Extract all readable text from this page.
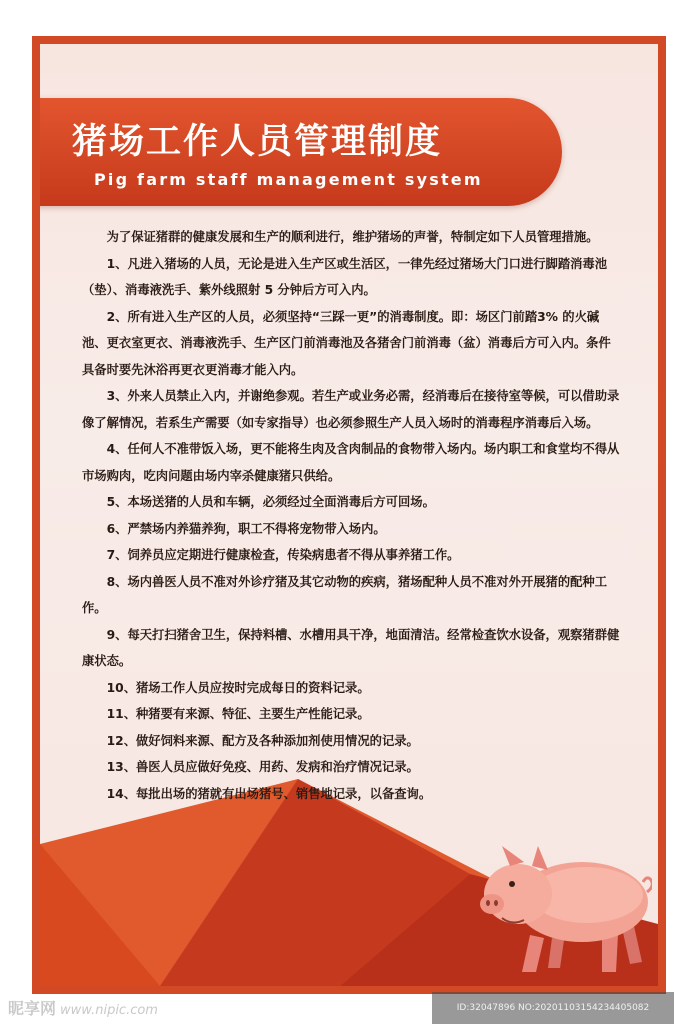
猪场工作人员管理制度
Pig farm staff management system

为了保证猪群的健康发展和生产的顺利进行，维护猪场的声誉，特制定如下人员管理措施。

1、凡进入猪场的人员，无论是进入生产区或生活区，一律先经过猪场大门口进行脚踏消毒池（垫）、消毒液洗手、紫外线照射 5 分钟后方可入内。

2、所有进入生产区的人员，必须坚持“三踩一更”的消毒制度。即：场区门前踏3% 的火碱池、更衣室更衣、消毒液洗手、生产区门前消毒池及各猪舍门前消毒（盆）消毒后方可入内。条件具备时要先沐浴再更衣更消毒才能入内。

3、外来人员禁止入内，并谢绝参观。若生产或业务必需，经消毒后在接待室等候，可以借助录像了解情况，若系生产需要（如专家指导）也必须参照生产人员入场时的消毒程序消毒后入场。

4、任何人不准带饭入场，更不能将生肉及含肉制品的食物带入场内。场内职工和食堂均不得从市场购肉，吃肉问题由场内宰杀健康猪只供给。

5、本场送猪的人员和车辆，必须经过全面消毒后方可回场。

6、严禁场内养猫养狗，职工不得将宠物带入场内。

7、饲养员应定期进行健康检查，传染病患者不得从事养猪工作。

8、场内兽医人员不准对外诊疗猪及其它动物的疾病，猪场配种人员不准对外开展猪的配种工作。

9、每天打扫猪舍卫生，保持料槽、水槽用具干净，地面清洁。经常检查饮水设备，观察猪群健康状态。

10、猪场工作人员应按时完成每日的资料记录。

11、种猪要有来源、特征、主要生产性能记录。

12、做好饲料来源、配方及各种添加剂使用情况的记录。

13、兽医人员应做好免疫、用药、发病和治疗情况记录。

14、每批出场的猪就有出场猪号、销售地记录，以备查询。

昵享网 www.nipic.com	ID:32047896 NO:20201103154234405082
